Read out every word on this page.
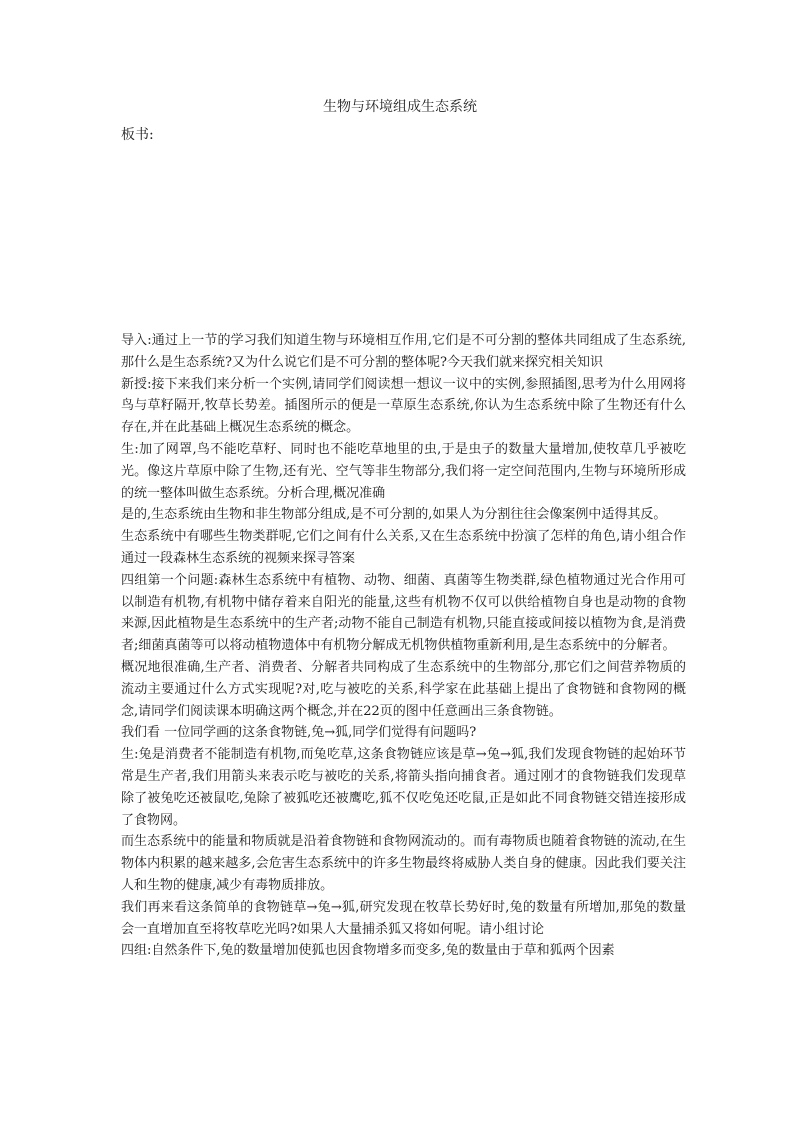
生物与环境组成生态系统
板书:

导入:通过上一节的学习我们知道生物与环境相互作用,它们是不可分割的整体共同组成了生态系统,那什么是生态系统?又为什么说它们是不可分割的整体呢?今天我们就来探究相关知识

新授:接下来我们来分析一个实例,请同学们阅读想一想议一议中的实例,参照插图,思考为什么用网将鸟与草籽隔开,牧草长势差。插图所示的便是一草原生态系统,你认为生态系统中除了生物还有什么存在,并在此基础上概况生态系统的概念。

生:加了网罩,鸟不能吃草籽、同时也不能吃草地里的虫,于是虫子的数量大量增加,使牧草几乎被吃光。像这片草原中除了生物,还有光、空气等非生物部分,我们将一定空间范围内,生物与环境所形成的统一整体叫做生态系统。分析合理,概况准确

是的,生态系统由生物和非生物部分组成,是不可分割的,如果人为分割往往会像案例中适得其反。

生态系统中有哪些生物类群呢,它们之间有什么关系,又在生态系统中扮演了怎样的角色,请小组合作通过一段森林生态系统的视频来探寻答案

四组第一个问题:森林生态系统中有植物、动物、细菌、真菌等生物类群,绿色植物通过光合作用可以制造有机物,有机物中储存着来自阳光的能量,这些有机物不仅可以供给植物自身也是动物的食物来源,因此植物是生态系统中的生产者;动物不能自己制造有机物,只能直接或间接以植物为食,是消费者;细菌真菌等可以将动植物遗体中有机物分解成无机物供植物重新利用,是生态系统中的分解者。

概况地很准确,生产者、消费者、分解者共同构成了生态系统中的生物部分,那它们之间营养物质的流动主要通过什么方式实现呢?对,吃与被吃的关系,科学家在此基础上提出了食物链和食物网的概念,请同学们阅读课本明确这两个概念,并在22页的图中任意画出三条食物链。

我们看 一位同学画的这条食物链,兔→狐,同学们觉得有问题吗?

生:兔是消费者不能制造有机物,而兔吃草,这条食物链应该是草→兔→狐,我们发现食物链的起始环节常是生产者,我们用箭头来表示吃与被吃的关系,将箭头指向捕食者。通过刚才的食物链我们发现草除了被兔吃还被鼠吃,兔除了被狐吃还被鹰吃,狐不仅吃兔还吃鼠,正是如此不同食物链交错连接形成了食物网。

而生态系统中的能量和物质就是沿着食物链和食物网流动的。而有毒物质也随着食物链的流动,在生物体内积累的越来越多,会危害生态系统中的许多生物最终将威胁人类自身的健康。因此我们要关注人和生物的健康,减少有毒物质排放。

我们再来看这条简单的食物链草→兔→狐,研究发现在牧草长势好时,兔的数量有所增加,那兔的数量会一直增加直至将牧草吃光吗?如果人大量捕杀狐又将如何呢。请小组讨论

四组:自然条件下,兔的数量增加使狐也因食物增多而变多,兔的数量由于草和狐两个因素
